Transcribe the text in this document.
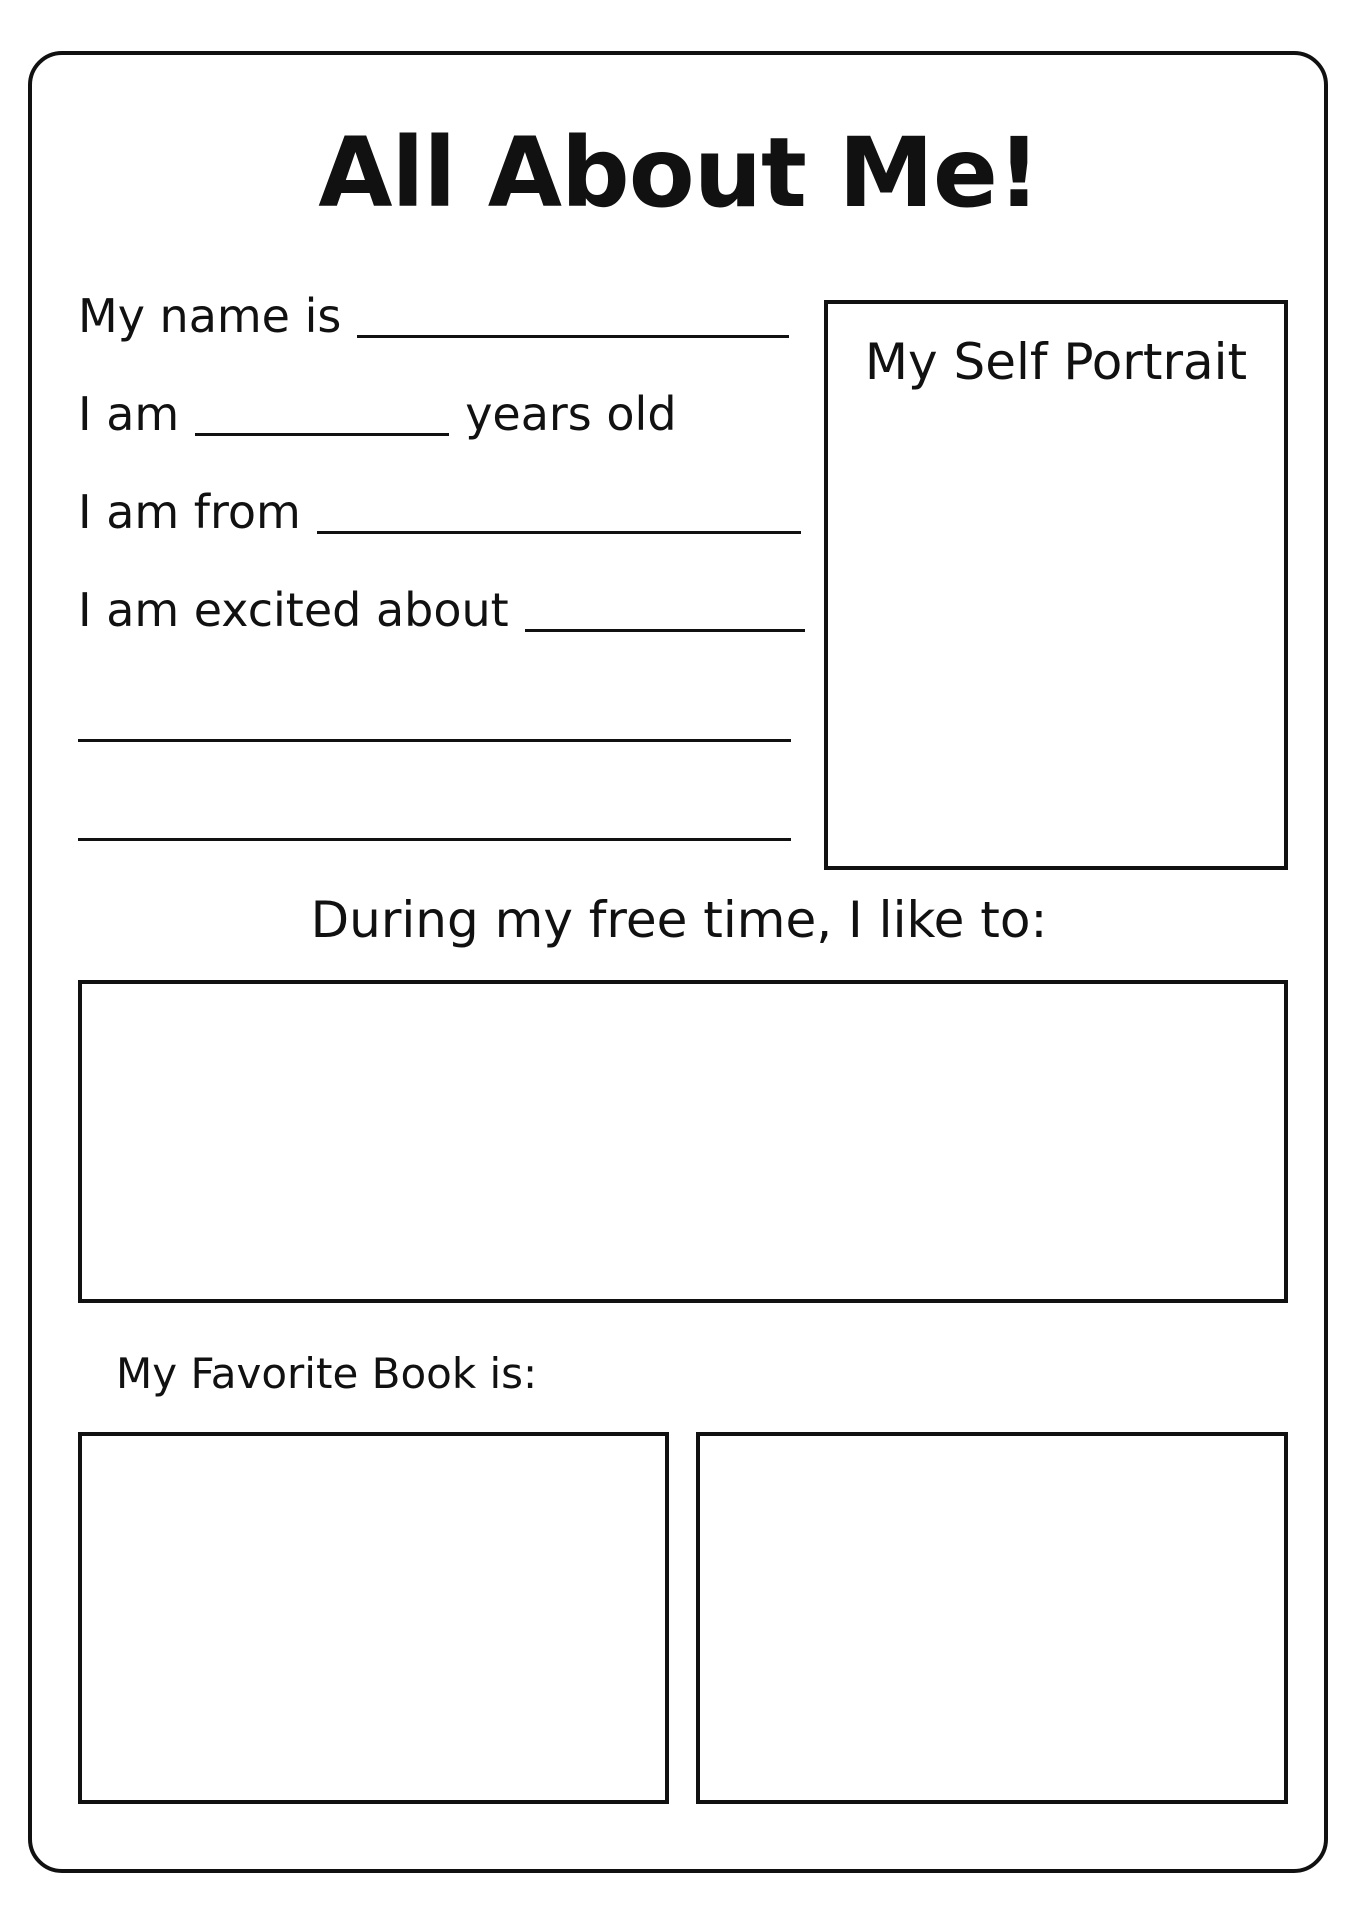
All About Me!
My name is
I am	years old
I am from
I am excited about
My Self Portrait
During my free time, I like to:
My Favorite Book is:
